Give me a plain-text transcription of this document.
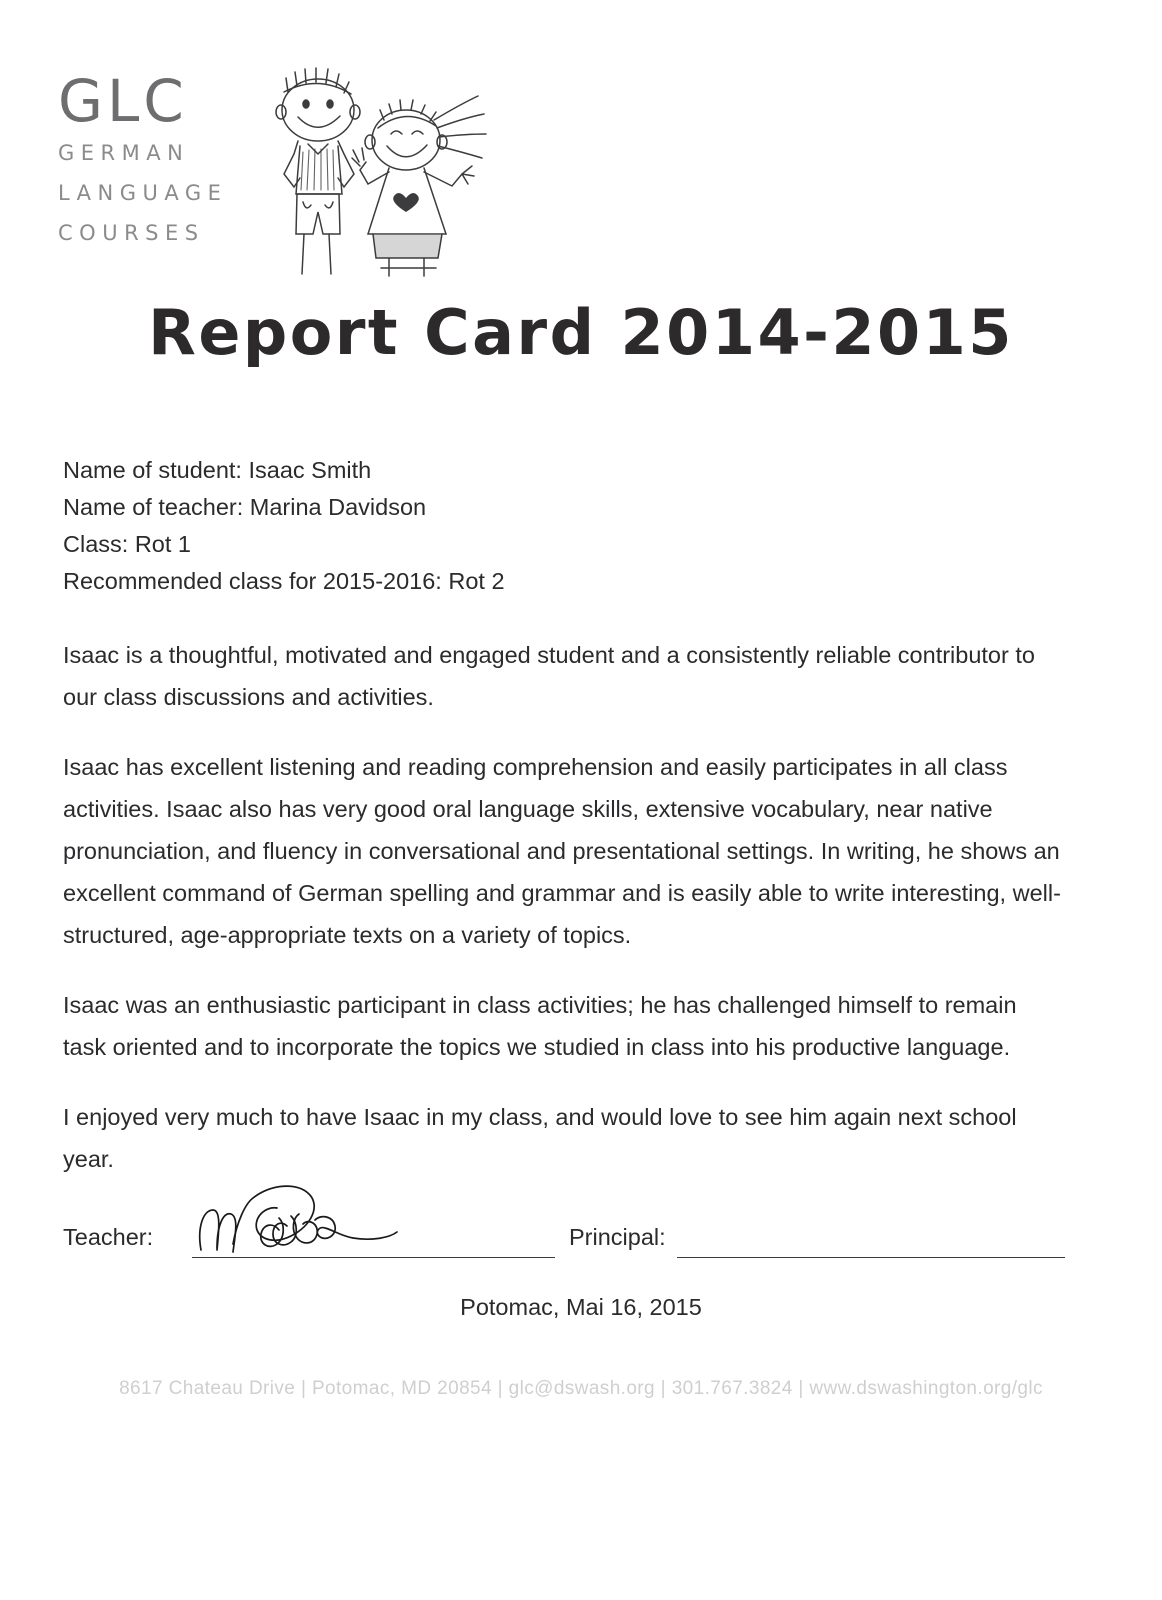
GLC
GERMAN
LANGUAGE
COURSES
Report Card 2014-2015
Name of student: Isaac Smith
Name of teacher: Marina Davidson
Class: Rot 1
Recommended class for 2015-2016: Rot 2

Isaac is a thoughtful, motivated and engaged student and a consistently reliable contributor to our class discussions and activities.

Isaac has excellent listening and reading comprehension and easily participates in all class activities. Isaac also has very good oral language skills, extensive vocabulary, near native pronunciation, and fluency in conversational and presentational settings. In writing, he shows an excellent command of German spelling and grammar and is easily able to write interesting, well-structured, age-appropriate texts on a variety of topics.

Isaac was an enthusiastic participant in class activities; he has challenged himself to remain task oriented and to incorporate the topics we studied in class into his productive language.

I enjoyed very much to have Isaac in my class, and would love to see him again next school year.

Teacher:	Principal:
Potomac, Mai 16, 2015
8617 Chateau Drive | Potomac, MD 20854 | glc@dswash.org | 301.767.3824 | www.dswashington.org/glc
